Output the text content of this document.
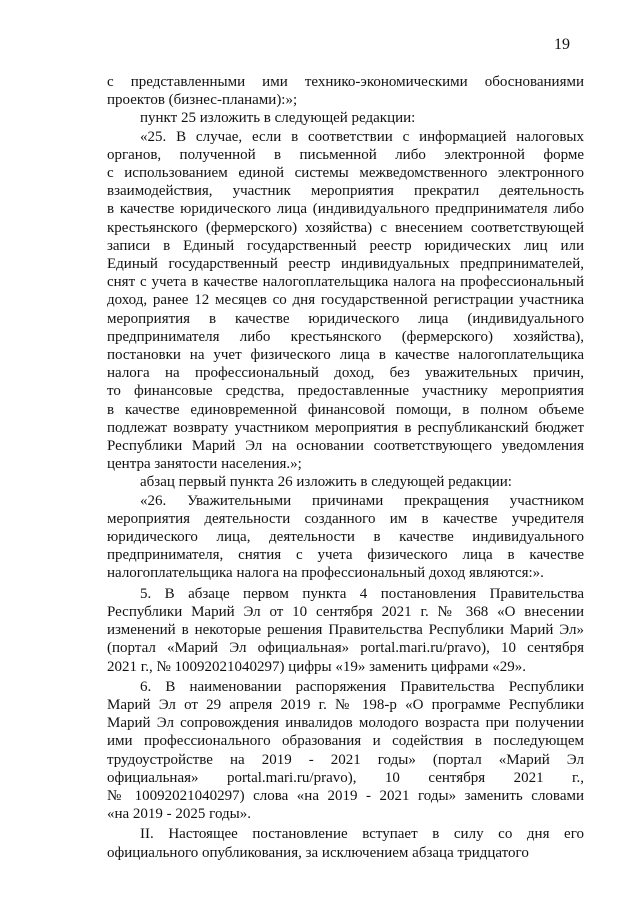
19
с представленными ими технико-экономическими обоснованиями
проектов (бизнес-планами):»;
пункт 25 изложить в следующей редакции:
«25. В случае, если в соответствии с информацией налоговых
органов, полученной в письменной либо электронной форме
с использованием единой системы межведомственного электронного
взаимодействия, участник мероприятия прекратил деятельность
в качестве юридического лица (индивидуального предпринимателя либо
крестьянского (фермерского) хозяйства) с внесением соответствующей
записи в Единый государственный реестр юридических лиц или
Единый государственный реестр индивидуальных предпринимателей,
снят с учета в качестве налогоплательщика налога на профессиональный
доход, ранее 12 месяцев со дня государственной регистрации участника
мероприятия в качестве юридического лица (индивидуального
предпринимателя либо крестьянского (фермерского) хозяйства),
постановки на учет физического лица в качестве налогоплательщика
налога на профессиональный доход, без уважительных причин,
то финансовые средства, предоставленные участнику мероприятия
в качестве единовременной финансовой помощи, в полном объеме
подлежат возврату участником мероприятия в республиканский бюджет
Республики Марий Эл на основании соответствующего уведомления
центра занятости населения.»;
абзац первый пункта 26 изложить в следующей редакции:
«26. Уважительными причинами прекращения участником
мероприятия деятельности созданного им в качестве учредителя
юридического лица, деятельности в качестве индивидуального
предпринимателя, снятия с учета физического лица в качестве
налогоплательщика налога на профессиональный доход являются:».
5. В абзаце первом пункта 4 постановления Правительства
Республики Марий Эл от 10 сентября 2021 г. № 368 «О внесении
изменений в некоторые решения Правительства Республики Марий Эл»
(портал «Марий Эл официальная» portal.mari.ru/pravo), 10 сентября
2021 г., № 10092021040297) цифры «19» заменить цифрами «29».
6. В наименовании распоряжения Правительства Республики
Марий Эл от 29 апреля 2019 г. № 198-р «О программе Республики
Марий Эл сопровождения инвалидов молодого возраста при получении
ими профессионального образования и содействия в последующем
трудоустройстве на 2019 - 2021 годы» (портал «Марий Эл
официальная» portal.mari.ru/pravo), 10 сентября 2021 г.,
№ 10092021040297) слова «на 2019 - 2021 годы» заменить словами
«на 2019 - 2025 годы».
II. Настоящее постановление вступает в силу со дня его
официального опубликования, за исключением абзаца тридцатого
